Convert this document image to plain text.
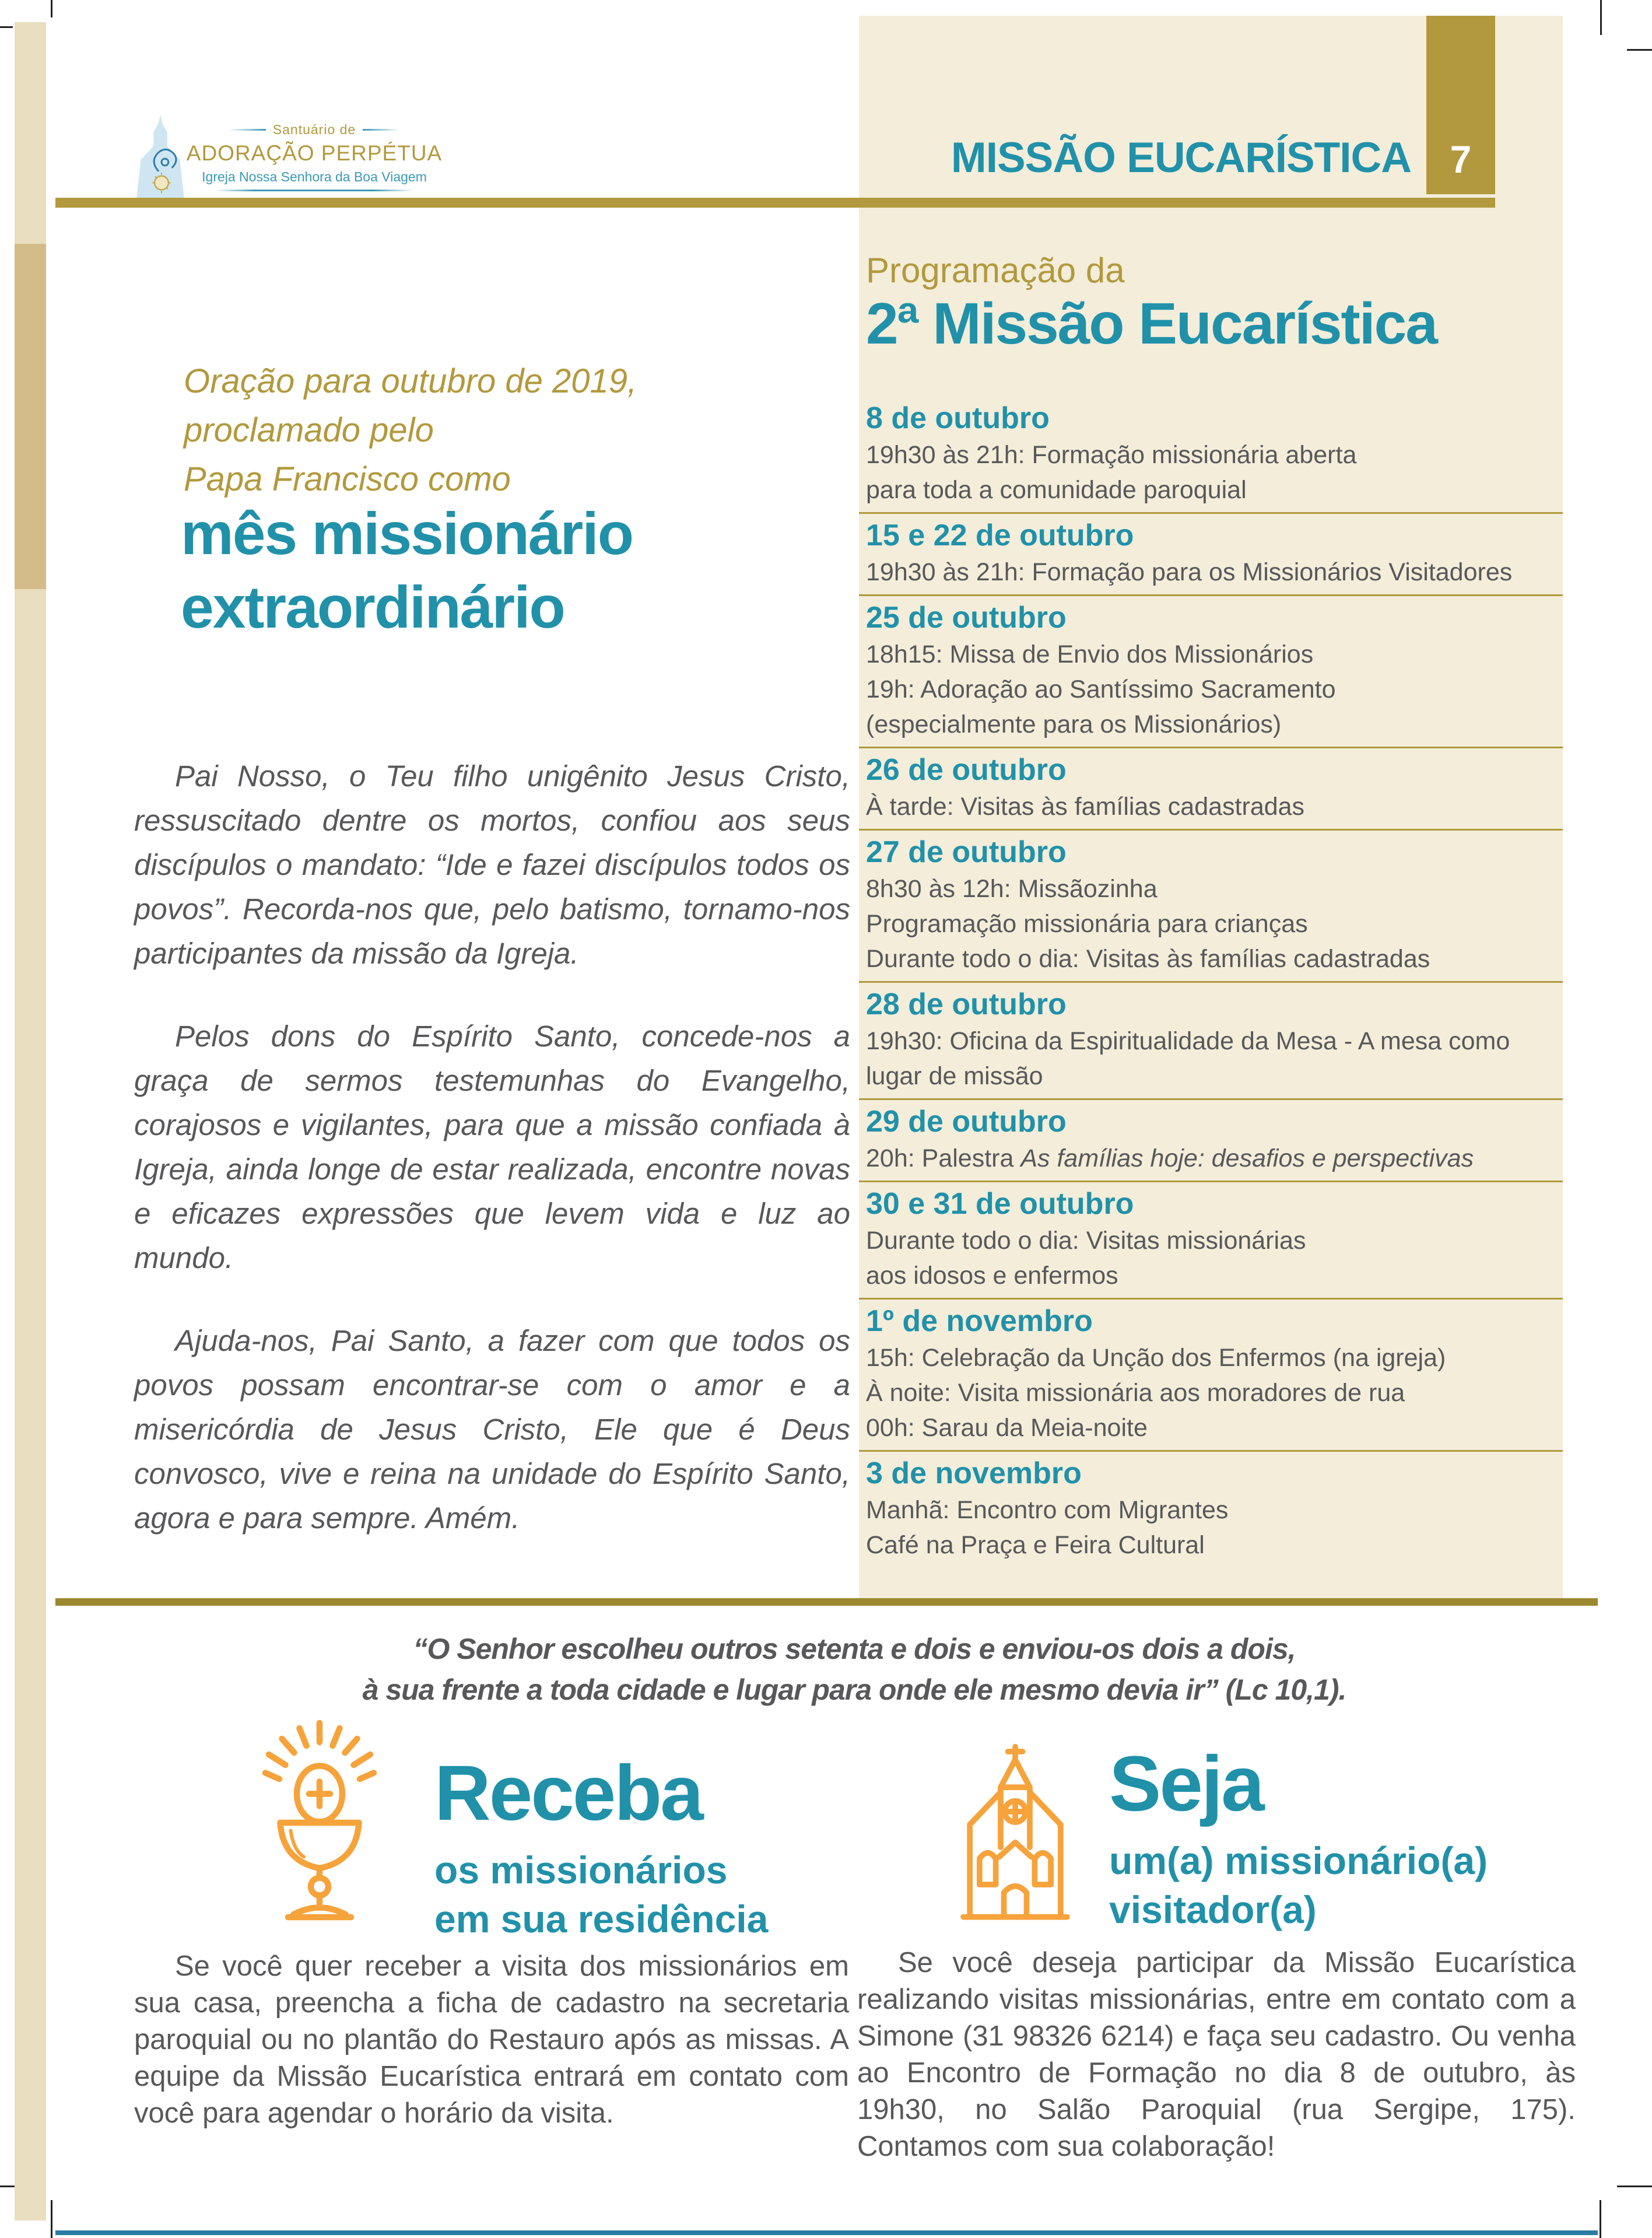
Santuário de
ADORAÇÃO PERPÉTUA
Igreja Nossa Senhora da Boa Viagem
Programação da
2ª Missão Eucarística
8 de outubro
19h30 às 21h: Formação missionária aberta
para toda a comunidade paroquial
15 e 22 de outubro
19h30 às 21h: Formação para os Missionários Visitadores
25 de outubro
18h15: Missa de Envio dos Missionários
19h: Adoração ao Santíssimo Sacramento
(especialmente para os Missionários)
26 de outubro
À tarde: Visitas às famílias cadastradas
27 de outubro
8h30 às 12h: Missãozinha
Programação missionária para crianças
Durante todo o dia: Visitas às famílias cadastradas
28 de outubro
19h30: Oficina da Espiritualidade da Mesa - A mesa como
lugar de missão
29 de outubro
20h: Palestra As famílias hoje: desafios e perspectivas
30 e 31 de outubro
Durante todo o dia: Visitas missionárias
aos idosos e enfermos
1º de novembro
15h: Celebração da Unção dos Enfermos (na igreja)
À noite: Visita missionária aos moradores de rua
00h: Sarau da Meia-noite
3 de novembro
Manhã: Encontro com Migrantes
Café na Praça e Feira Cultural
MISSÃO EUCARÍSTICA 7
Oração para outubro de 2019,
proclamado pelo
Papa Francisco como
mês missionário
extraordinário

Pai Nosso, o Teu filho unigênito Jesus Cristo, ressuscitado dentre os mortos, confiou aos seus discípulos o mandato: “Ide e fazei discípulos todos os povos”. Recorda-nos que, pelo batismo, tornamo-nos participantes da missão da Igreja.

Pelos dons do Espírito Santo, concede-nos a graça de sermos testemunhas do Evangelho, corajosos e vigilantes, para que a missão confiada à Igreja, ainda longe de estar realizada, encontre novas e eficazes expressões que levem vida e luz ao mundo.

Ajuda-nos, Pai Santo, a fazer com que todos os povos possam encontrar-se com o amor e a misericórdia de Jesus Cristo, Ele que é Deus convosco, vive e reina na unidade do Espírito Santo, agora e para sempre. Amém.

“O Senhor escolheu outros setenta e dois e enviou-os dois a dois,
à sua frente a toda cidade e lugar para onde ele mesmo devia ir” (Lc 10,1).
Receba
os missionários
em sua residência
Se você quer receber a visita dos missionários em sua casa, preencha a ficha de cadastro na secretaria paroquial ou no plantão do Restauro após as missas. A equipe da Missão Eucarística entrará em contato com você para agendar o horário da visita.
Seja
um(a) missionário(a)
visitador(a)
Se você deseja participar da Missão Eucarística realizando visitas missionárias, entre em contato com a Simone (31 98326 6214) e faça seu cadastro. Ou venha ao Encontro de Formação no dia 8 de outubro, às 19h30, no Salão Paroquial (rua Sergipe, 175). Contamos com sua colaboração!
